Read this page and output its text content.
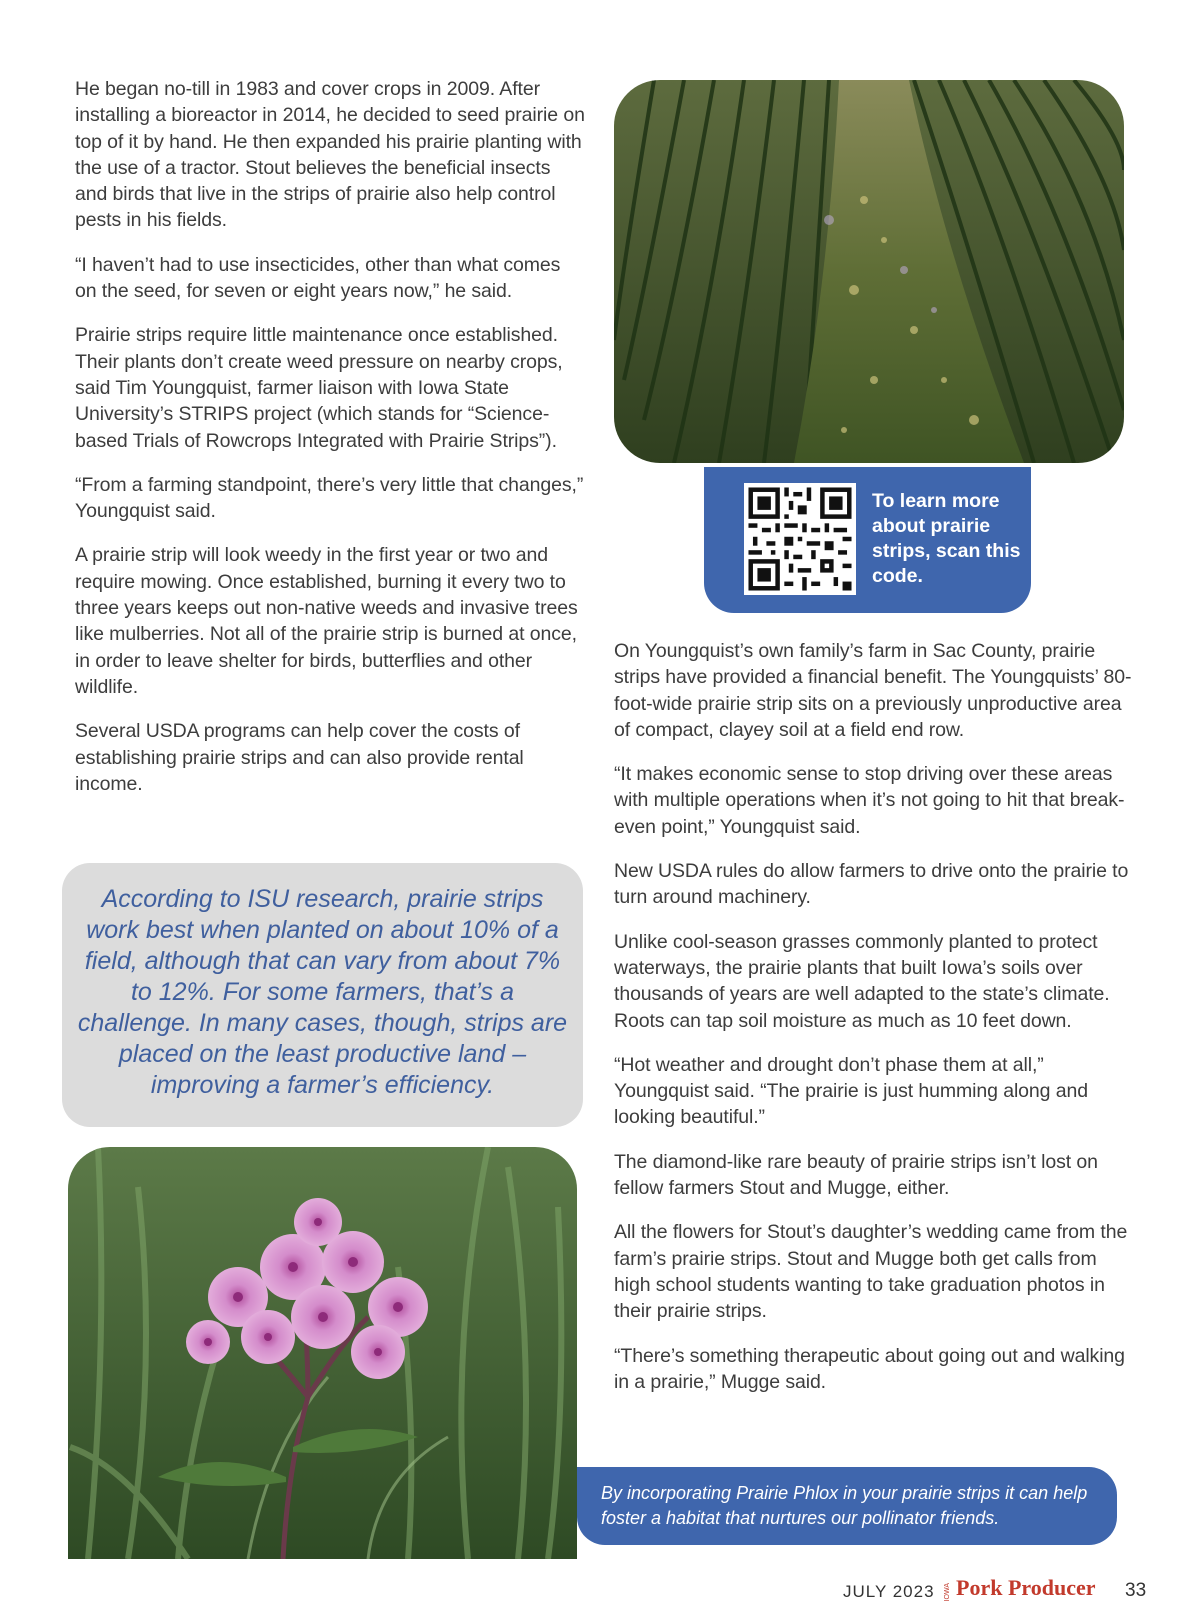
He began no-till in 1983 and cover crops in 2009. After installing a bioreactor in 2014, he decided to seed prairie on top of it by hand. He then expanded his prairie planting with the use of a tractor. Stout believes the beneficial insects and birds that live in the strips of prairie also help control pests in his fields.

“I haven’t had to use insecticides, other than what comes on the seed, for seven or eight years now,” he said.

Prairie strips require little maintenance once established. Their plants don’t create weed pressure on nearby crops, said Tim Youngquist, farmer liaison with Iowa State University’s STRIPS project (which stands for “Science-based Trials of Rowcrops Integrated with Prairie Strips”).

“From a farming standpoint, there’s very little that changes,” Youngquist said.

A prairie strip will look weedy in the first year or two and require mowing. Once established, burning it every two to three years keeps out non-native weeds and invasive trees like mulberries. Not all of the prairie strip is burned at once, in order to leave shelter for birds, butterflies and other wildlife.

Several USDA programs can help cover the costs of establishing prairie strips and can also provide rental income.

To learn more about prairie strips, scan this code.

On Youngquist’s own family’s farm in Sac County, prairie strips have provided a financial benefit. The Youngquists’ 80-foot-wide prairie strip sits on a previously unproductive area of compact, clayey soil at a field end row.

“It makes economic sense to stop driving over these areas with multiple operations when it’s not going to hit that break-even point,” Youngquist said.

New USDA rules do allow farmers to drive onto the prairie to turn around machinery.

Unlike cool-season grasses commonly planted to protect waterways, the prairie plants that built Iowa’s soils over thousands of years are well adapted to the state’s climate. Roots can tap soil moisture as much as 10 feet down.

“Hot weather and drought don’t phase them at all,” Youngquist said. “The prairie is just humming along and looking beautiful.”

The diamond-like rare beauty of prairie strips isn’t lost on fellow farmers Stout and Mugge, either.

All the flowers for Stout’s daughter’s wedding came from the farm’s prairie strips. Stout and Mugge both get calls from high school students wanting to take graduation photos in their prairie strips.

“There’s something therapeutic about going out and walking in a prairie,” Mugge said.

According to ISU research, prairie strips work best when planted on about 10% of a field, although that can vary from about 7% to 12%. For some farmers, that’s a challenge. In many cases, though, strips are placed on the least productive land – improving a farmer’s efficiency.
By incorporating Prairie Phlox in your prairie strips it can help foster a habitat that nurtures our pollinator friends.
JULY 2023 IOWA Pork Producer 33
